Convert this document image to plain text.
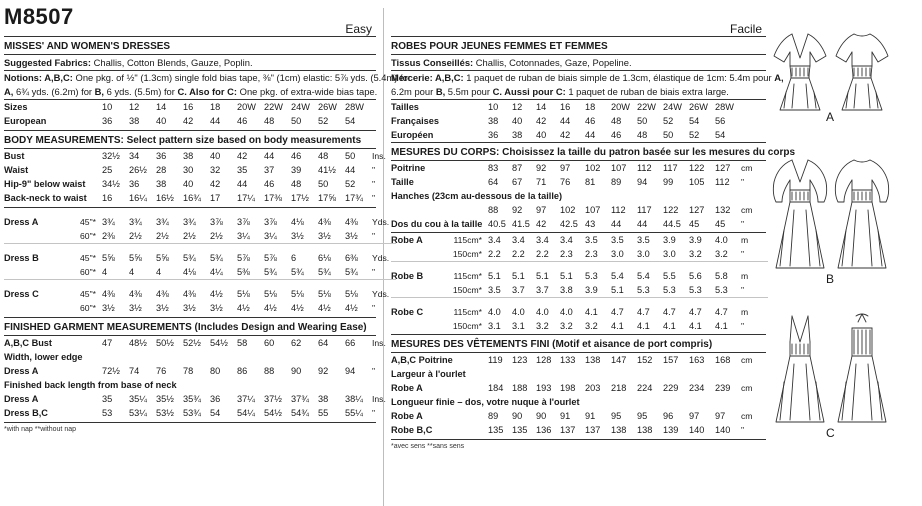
M8507	Easy
MISSES' AND WOMEN'S DRESSES
Suggested Fabrics: Challis, Cotton Blends, Gauze, Poplin.
Notions: A,B,C: One pkg. of ½" (1.3cm) single fold bias tape, ⅜" (1cm) elastic: 5⅞ yds. (5.4m) for
A, 6¾ yds. (6.2m) for B, 6 yds. (5.5m) for C. Also for C: One pkg. of extra-wide bias tape.
Sizes	10	12	14	16	18	20W	22W	24W	26W	28W	
European	36	38	40	42	44	46	48	50	52	54	
BODY MEASUREMENTS: Select pattern size based on body measurements
Bust	32½	34	36	38	40	42	44	46	48	50	Ins.
Waist	25	26½	28	30	32	35	37	39	41½	44	"
Hip-9" below waist	34½	36	38	40	42	44	46	48	50	52	"
Back-neck to waist	16	16¼	16½	16¾	17	17¼	17⅜	17½	17⅝	17¾	"

Dress A	45"*	3¾	3¾	3¾	3¾	3⅞	3⅞	3⅞	4⅛	4⅜	4⅜	Yds.
	60"*	2⅜	2½	2½	2½	2½	3¼	3¼	3½	3½	3½	"

Dress B	45"*	5⅝	5⅝	5⅝	5¾	5¾	5⅞	5⅞	6	6⅛	6⅜	Yds.
	60"*	4	4	4	4⅛	4¼	5⅜	5¾	5¾	5¾	5¾	"

Dress C	45"*	4⅜	4⅜	4⅜	4⅜	4½	5⅛	5⅛	5⅛	5⅛	5⅛	Yds.
	60"*	3½	3½	3½	3½	3½	4½	4½	4½	4½	4½	"
FINISHED GARMENT MEASUREMENTS (Includes Design and Wearing Ease)
A,B,C Bust	47	48½	50½	52½	54½	58	60	62	64	66	Ins.
Width, lower edge											
Dress A	72½	74	76	78	80	86	88	90	92	94	"
Finished back length from base of neck											
Dress A	35	35¼	35½	35¾	36	37¼	37½	37¾	38	38¼	Ins.
Dress B,C	53	53¼	53½	53¾	54	54¼	54½	54¾	55	55¼	"
*with nap **without nap
Facile
ROBES POUR JEUNES FEMMES ET FEMMES
Tissus Conseillés: Challis, Cotonnades, Gaze, Popeline.
Mercerie: A,B,C: 1 paquet de ruban de biais simple de 1.3cm, élastique de 1cm: 5.4m pour A,
6.2m pour B, 5.5m pour C. Aussi pour C: 1 paquet de ruban de biais extra large.
Tailles	10	12	14	16	18	20W	22W	24W	26W	28W	
Françaises	38	40	42	44	46	48	50	52	54	56	
Européen	36	38	40	42	44	46	48	50	52	54	
MESURES DU CORPS: Choisissez la taille du patron basée sur les mesures du corps
Poitrine	83	87	92	97	102	107	112	117	122	127	cm
Taille	64	67	71	76	81	89	94	99	105	112	"
Hanches (23cm au-dessous de la taille)											
	88	92	97	102	107	112	117	122	127	132	cm
Dos du cou à la taille	40.5	41.5	42	42.5	43	44	44	44.5	45	45	"
Robe A	115cm*	3.4	3.4	3.4	3.4	3.5	3.5	3.5	3.9	3.9	4.0	m
	150cm*	2.2	2.2	2.2	2.3	2.3	3.0	3.0	3.0	3.2	3.2	"

Robe B	115cm*	5.1	5.1	5.1	5.1	5.3	5.4	5.4	5.5	5.6	5.8	m
	150cm*	3.5	3.7	3.7	3.8	3.9	5.1	5.3	5.3	5.3	5.3	"

Robe C	115cm*	4.0	4.0	4.0	4.0	4.1	4.7	4.7	4.7	4.7	4.7	m
	150cm*	3.1	3.1	3.2	3.2	3.2	4.1	4.1	4.1	4.1	4.1	"
MESURES DES VÊTEMENTS FINI (Motif et aisance de port compris)
A,B,C Poitrine	119	123	128	133	138	147	152	157	163	168	cm
Largeur à l'ourlet											
Robe A	184	188	193	198	203	218	224	229	234	239	cm
Longueur finie – dos, votre nuque à l'ourlet											
Robe A	89	90	90	91	91	95	95	96	97	97	cm
Robe B,C	135	135	136	137	137	138	138	139	140	140	"
*avec sens **sans sens
A
B
C
